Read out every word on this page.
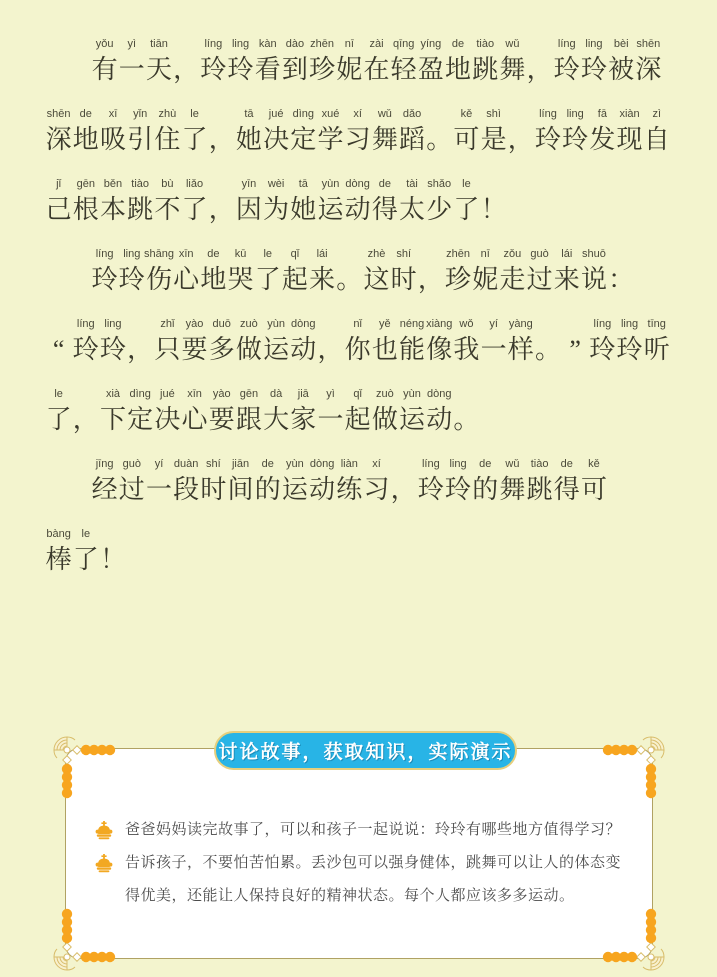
yǒu
有
yì
一
tiān
天 ，
líng
玲
ling
玲
kàn
看
dào
到
zhēn
珍
nī
妮
zài
在
qīng
轻
yíng
盈
de
地
tiào
跳
wǔ
舞 ，
líng
玲
ling
玲
bèi
被
shēn
深
shēn
深
de
地
xī
吸
yǐn
引
zhù
住
le
了 ，
tā
她
jué
决
dìng
定
xué
学
xí
习
wǔ
舞
dǎo
蹈 。
kě
可
shì
是 ，
líng
玲
ling
玲
fā
发
xiàn
现
zì
自
jǐ
己
gēn
根
běn
本
tiào
跳
bù
不
liǎo
了 ，
yīn
因
wèi
为
tā
她
yùn
运
dòng
动
de
得
tài
太
shǎo
少
le
了 ！
líng
玲
ling
玲
shāng
伤
xīn
心
de
地
kū
哭
le
了
qǐ
起
lái
来 。
zhè
这
shí
时 ，
zhēn
珍
nī
妮
zǒu
走
guò
过
lái
来
shuō
说 ：
“
líng
玲
ling
玲 ，
zhǐ
只
yào
要
duō
多
zuò
做
yùn
运
dòng
动 ，
nǐ
你
yě
也
néng
能
xiàng
像
wǒ
我
yí
一
yàng
样 。 ”
líng
玲
ling
玲
tīng
听
le
了 ，
xià
下
dìng
定
jué
决
xīn
心
yào
要
gēn
跟
dà
大
jiā
家
yì
一
qǐ
起
zuò
做
yùn
运
dòng
动 。
jīng
经
guò
过
yí
一
duàn
段
shí
时
jiān
间
de
的
yùn
运
dòng
动
liàn
练
xí
习 ，
líng
玲
ling
玲
de
的
wǔ
舞
tiào
跳
de
得
kě
可
bàng
棒
le
了 ！
讨论故事，获取知识，实际演示
爸爸妈妈读完故事了，可以和孩子一起说说：玲玲有哪些地方值得学习？
告诉孩子，不要怕苦怕累。丢沙包可以强身健体，跳舞可以让人的体态变得优美，还能让人保持良好的精神状态。每个人都应该多多运动。
